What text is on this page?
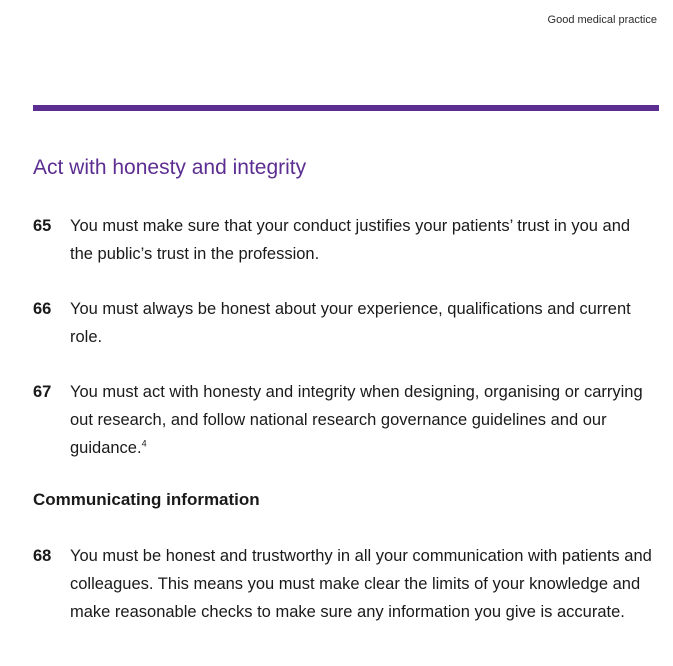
Good medical practice
Act with honesty and integrity
65	You must make sure that your conduct justifies your patients’ trust in you and the public’s trust in the profession.
66	You must always be honest about your experience, qualifications and current role.
67	You must act with honesty and integrity when designing, organising or carrying out research, and follow national research governance guidelines and our guidance.$^4$
Communicating information
68	You must be honest and trustworthy in all your communication with patients and colleagues. This means you must make clear the limits of your knowledge and make reasonable checks to make sure any information you give is accurate.
